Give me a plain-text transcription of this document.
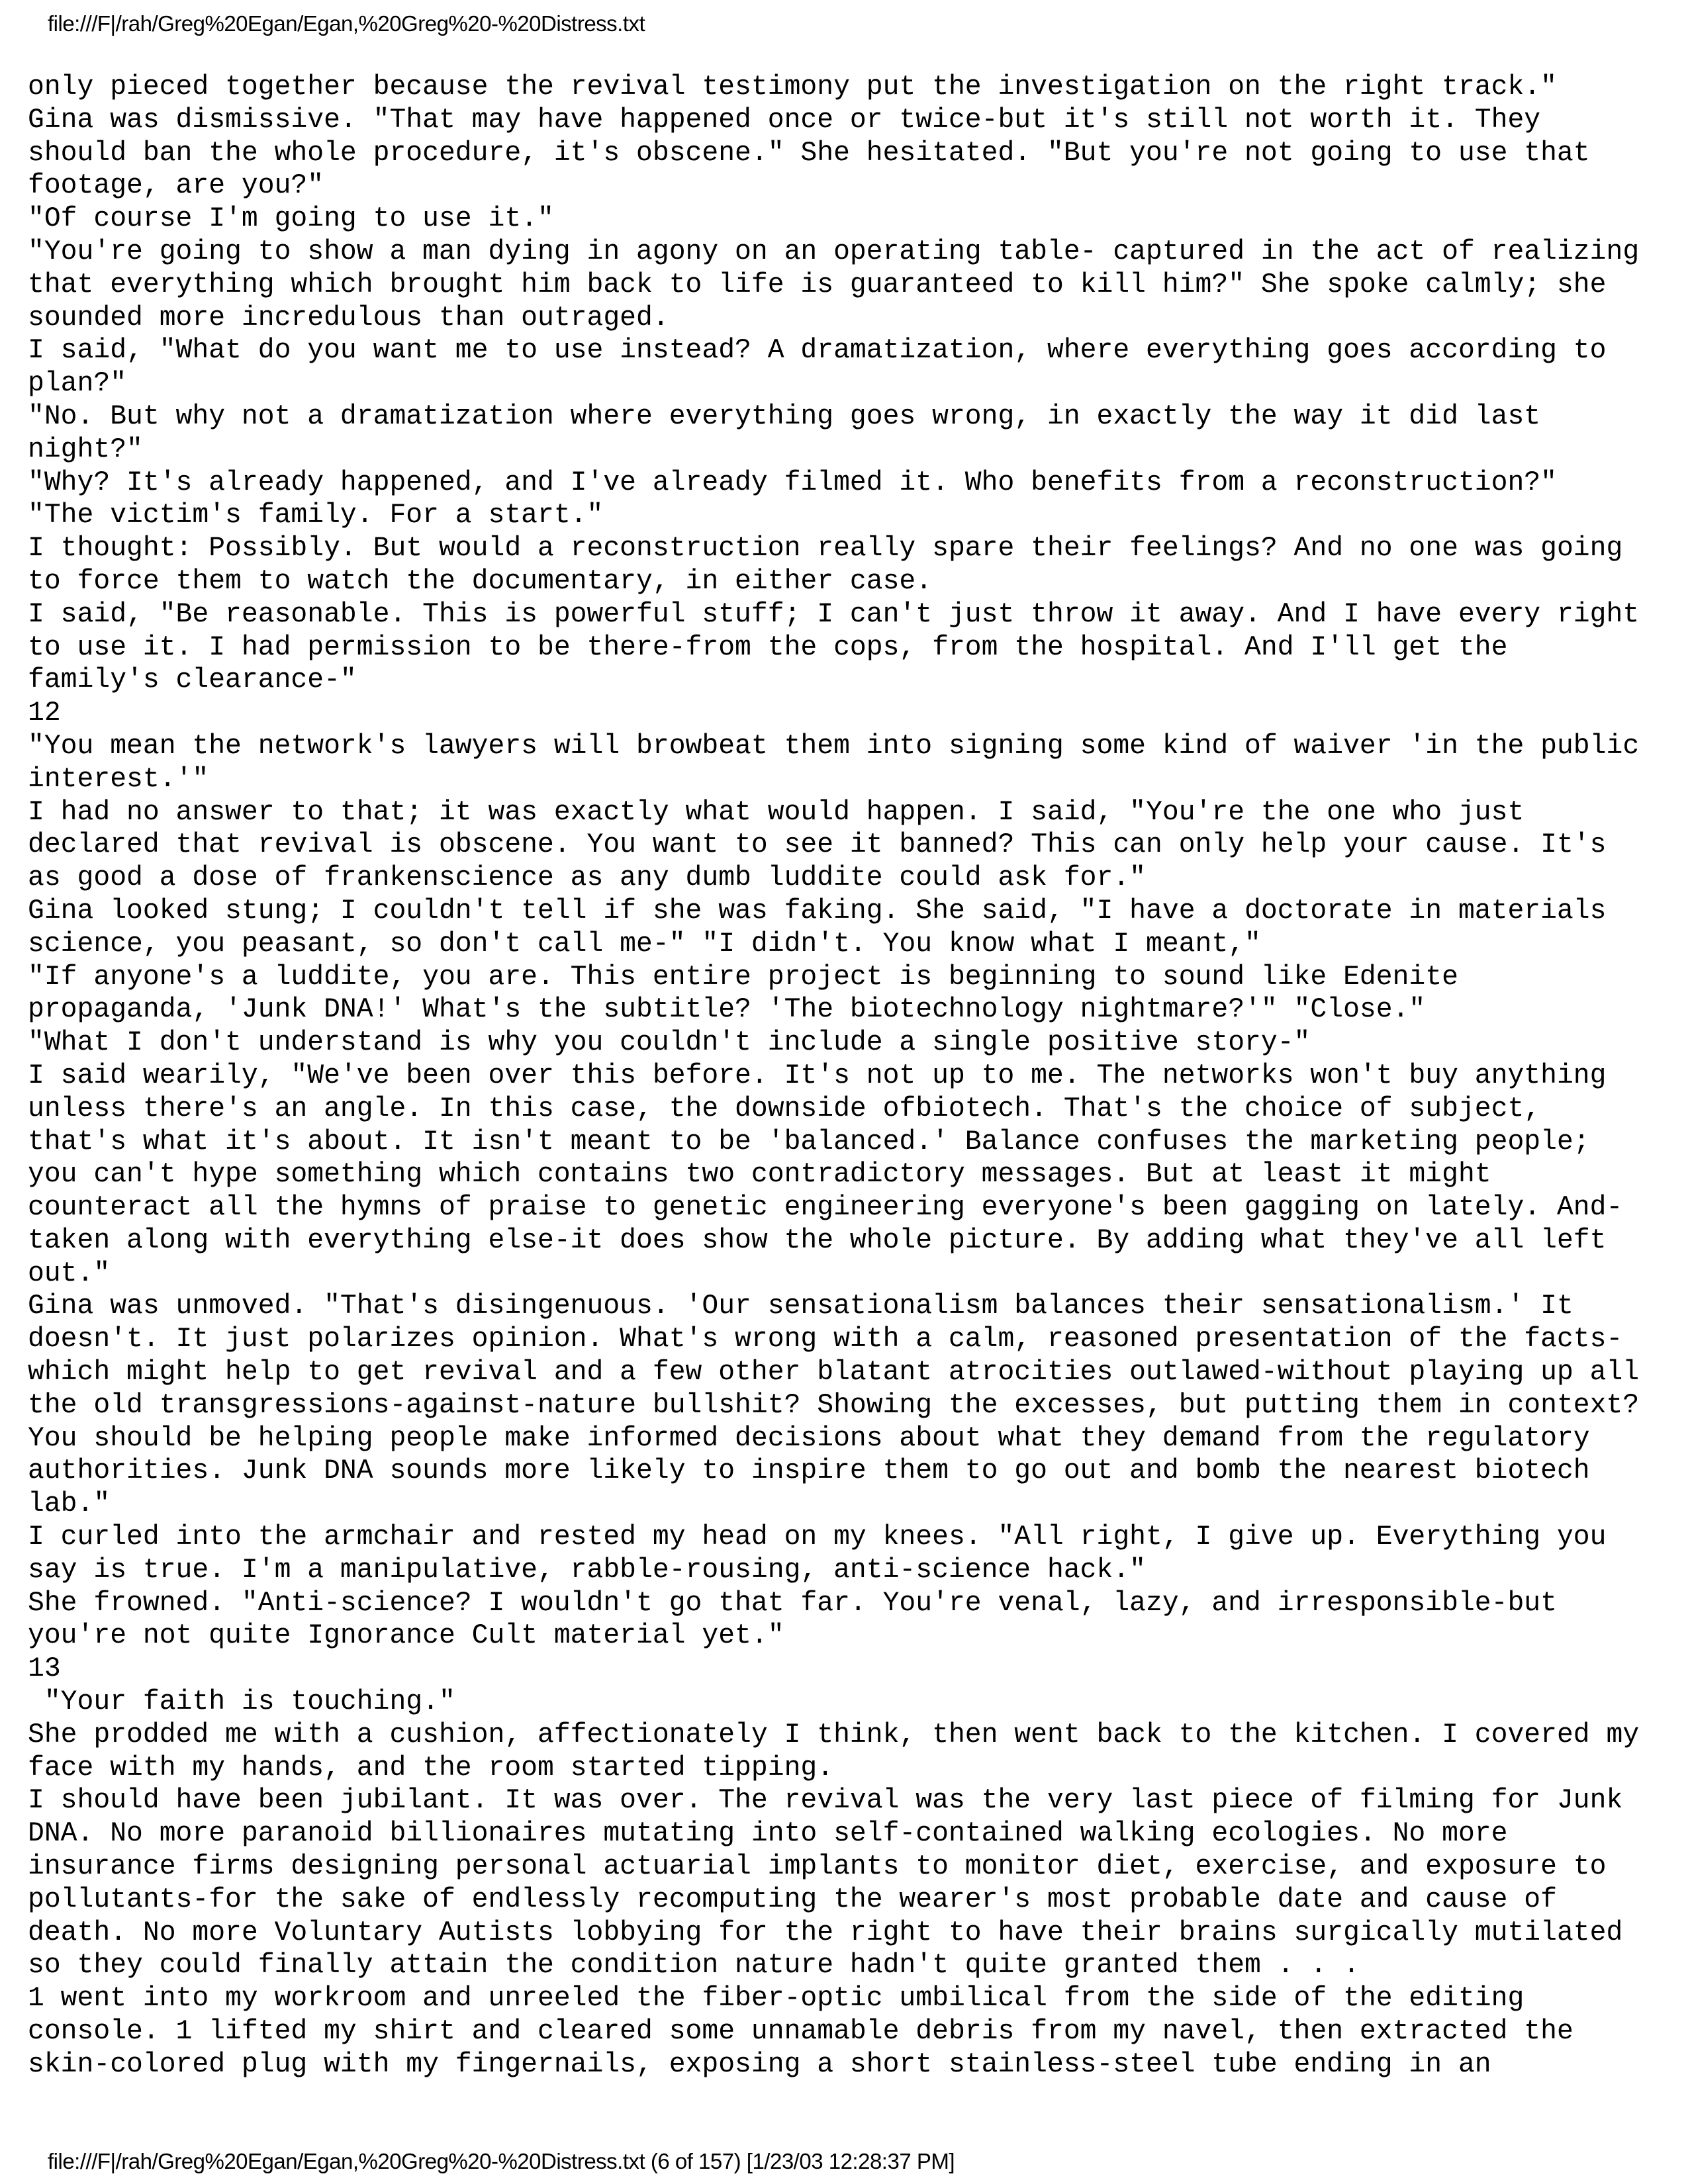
file:///F|/rah/Greg%20Egan/Egan,%20Greg%20-%20Distress.txt
only pieced together because the revival testimony put the investigation on the right track."
Gina was dismissive. "That may have happened once or twice-but it's still not worth it. They
should ban the whole procedure, it's obscene." She hesitated. "But you're not going to use that
footage, are you?"
"Of course I'm going to use it."
"You're going to show a man dying in agony on an operating table- captured in the act of realizing
that everything which brought him back to life is guaranteed to kill him?" She spoke calmly; she
sounded more incredulous than outraged.
I said, "What do you want me to use instead? A dramatization, where everything goes according to
plan?"
"No. But why not a dramatization where everything goes wrong, in exactly the way it did last
night?"
"Why? It's already happened, and I've already filmed it. Who benefits from a reconstruction?"
"The victim's family. For a start."
I thought: Possibly. But would a reconstruction really spare their feelings? And no one was going
to force them to watch the documentary, in either case.
I said, "Be reasonable. This is powerful stuff; I can't just throw it away. And I have every right
to use it. I had permission to be there-from the cops, from the hospital. And I'll get the
family's clearance-"
12
"You mean the network's lawyers will browbeat them into signing some kind of waiver 'in the public
interest.'"
I had no answer to that; it was exactly what would happen. I said, "You're the one who just
declared that revival is obscene. You want to see it banned? This can only help your cause. It's
as good a dose of frankenscience as any dumb luddite could ask for."
Gina looked stung; I couldn't tell if she was faking. She said, "I have a doctorate in materials
science, you peasant, so don't call me-" "I didn't. You know what I meant,"
"If anyone's a luddite, you are. This entire project is beginning to sound like Edenite
propaganda, 'Junk DNA!' What's the subtitle? 'The biotechnology nightmare?'" "Close."
"What I don't understand is why you couldn't include a single positive story-"
I said wearily, "We've been over this before. It's not up to me. The networks won't buy anything
unless there's an angle. In this case, the downside ofbiotech. That's the choice of subject,
that's what it's about. It isn't meant to be 'balanced.' Balance confuses the marketing people;
you can't hype something which contains two contradictory messages. But at least it might
counteract all the hymns of praise to genetic engineering everyone's been gagging on lately. And-
taken along with everything else-it does show the whole picture. By adding what they've all left
out."
Gina was unmoved. "That's disingenuous. 'Our sensationalism balances their sensationalism.' It
doesn't. It just polarizes opinion. What's wrong with a calm, reasoned presentation of the facts-
which might help to get revival and a few other blatant atrocities outlawed-without playing up all
the old transgressions-against-nature bullshit? Showing the excesses, but putting them in context?
You should be helping people make informed decisions about what they demand from the regulatory
authorities. Junk DNA sounds more likely to inspire them to go out and bomb the nearest biotech
lab."
I curled into the armchair and rested my head on my knees. "All right, I give up. Everything you
say is true. I'm a manipulative, rabble-rousing, anti-science hack."
She frowned. "Anti-science? I wouldn't go that far. You're venal, lazy, and irresponsible-but
you're not quite Ignorance Cult material yet."
13
"Your faith is touching."
She prodded me with a cushion, affectionately I think, then went back to the kitchen. I covered my
face with my hands, and the room started tipping.
I should have been jubilant. It was over. The revival was the very last piece of filming for Junk
DNA. No more paranoid billionaires mutating into self-contained walking ecologies. No more
insurance firms designing personal actuarial implants to monitor diet, exercise, and exposure to
pollutants-for the sake of endlessly recomputing the wearer's most probable date and cause of
death. No more Voluntary Autists lobbying for the right to have their brains surgically mutilated
so they could finally attain the condition nature hadn't quite granted them . . .
1 went into my workroom and unreeled the fiber-optic umbilical from the side of the editing
console. 1 lifted my shirt and cleared some unnamable debris from my navel, then extracted the
skin-colored plug with my fingernails, exposing a short stainless-steel tube ending in an
file:///F|/rah/Greg%20Egan/Egan,%20Greg%20-%20Distress.txt (6 of 157) [1/23/03 12:28:37 PM]
